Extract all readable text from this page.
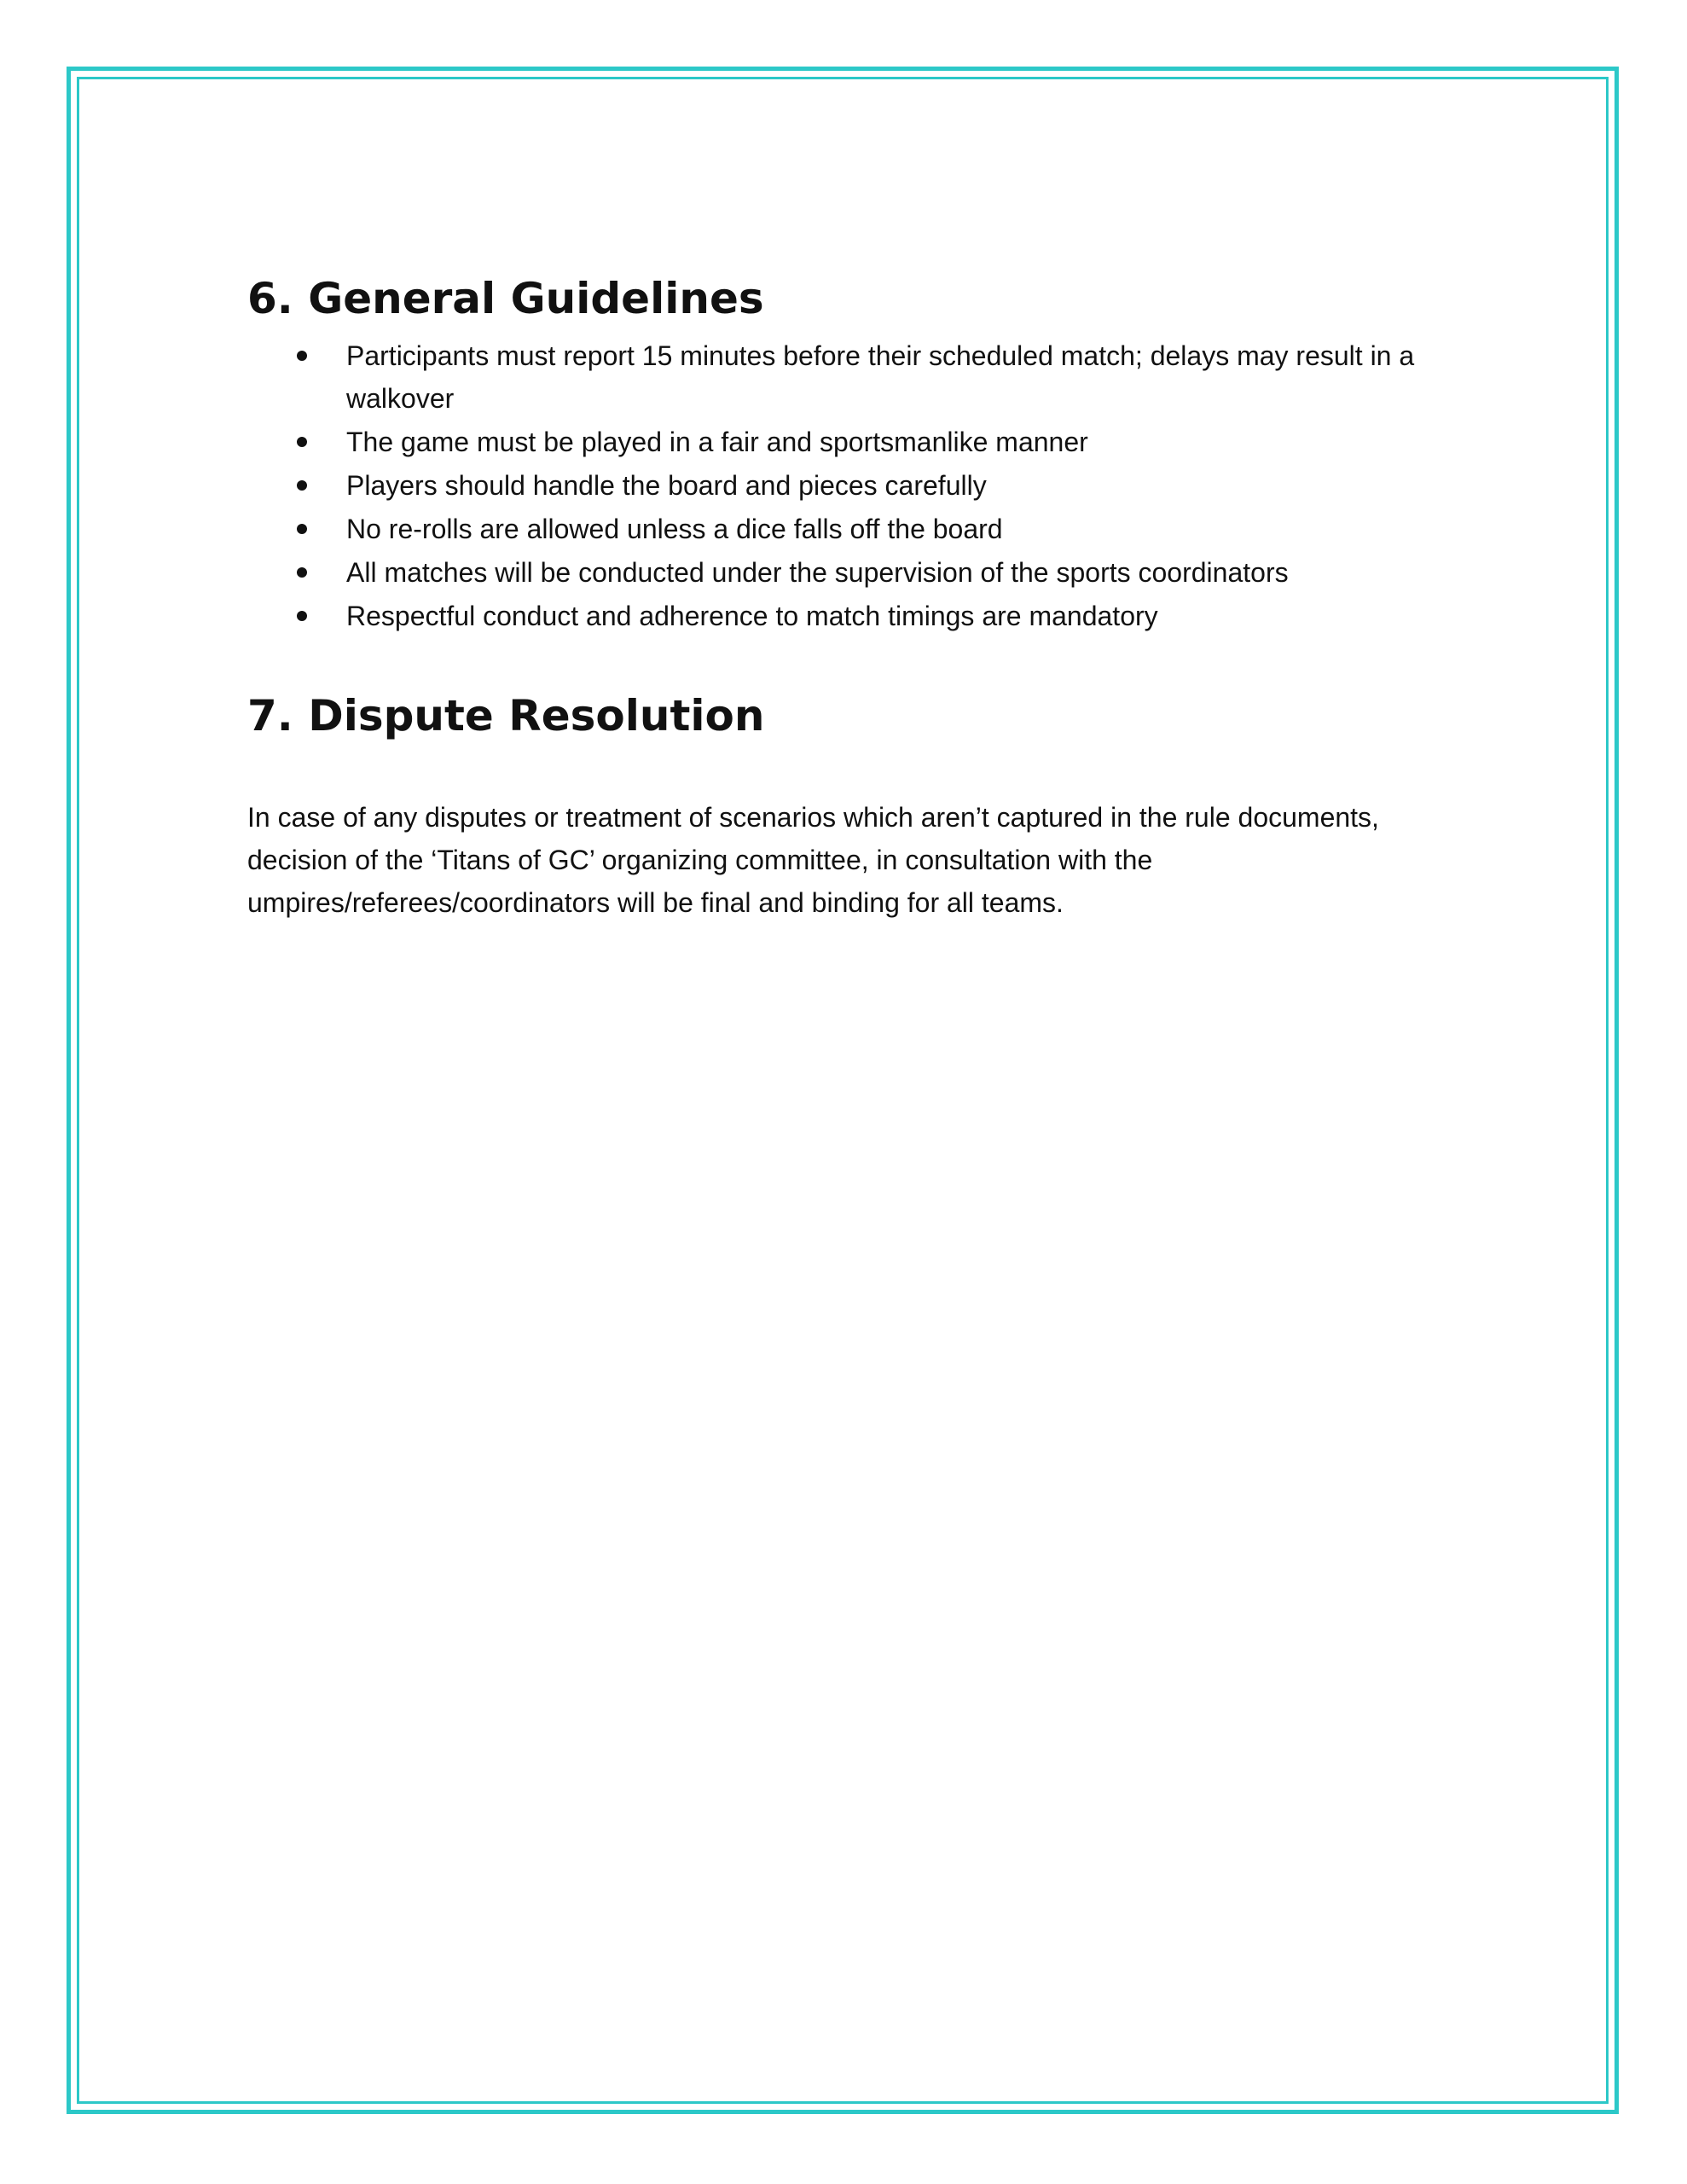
6. General Guidelines
Participants must report 15 minutes before their scheduled match; delays may result in a walkover
The game must be played in a fair and sportsmanlike manner
Players should handle the board and pieces carefully
No re-rolls are allowed unless a dice falls off the board
All matches will be conducted under the supervision of the sports coordinators
Respectful conduct and adherence to match timings are mandatory
7. Dispute Resolution

In case of any disputes or treatment of scenarios which aren’t captured in the rule documents, decision of the ‘Titans of GC’ organizing committee, in consultation with the umpires/referees/coordinators will be final and binding for all teams.
